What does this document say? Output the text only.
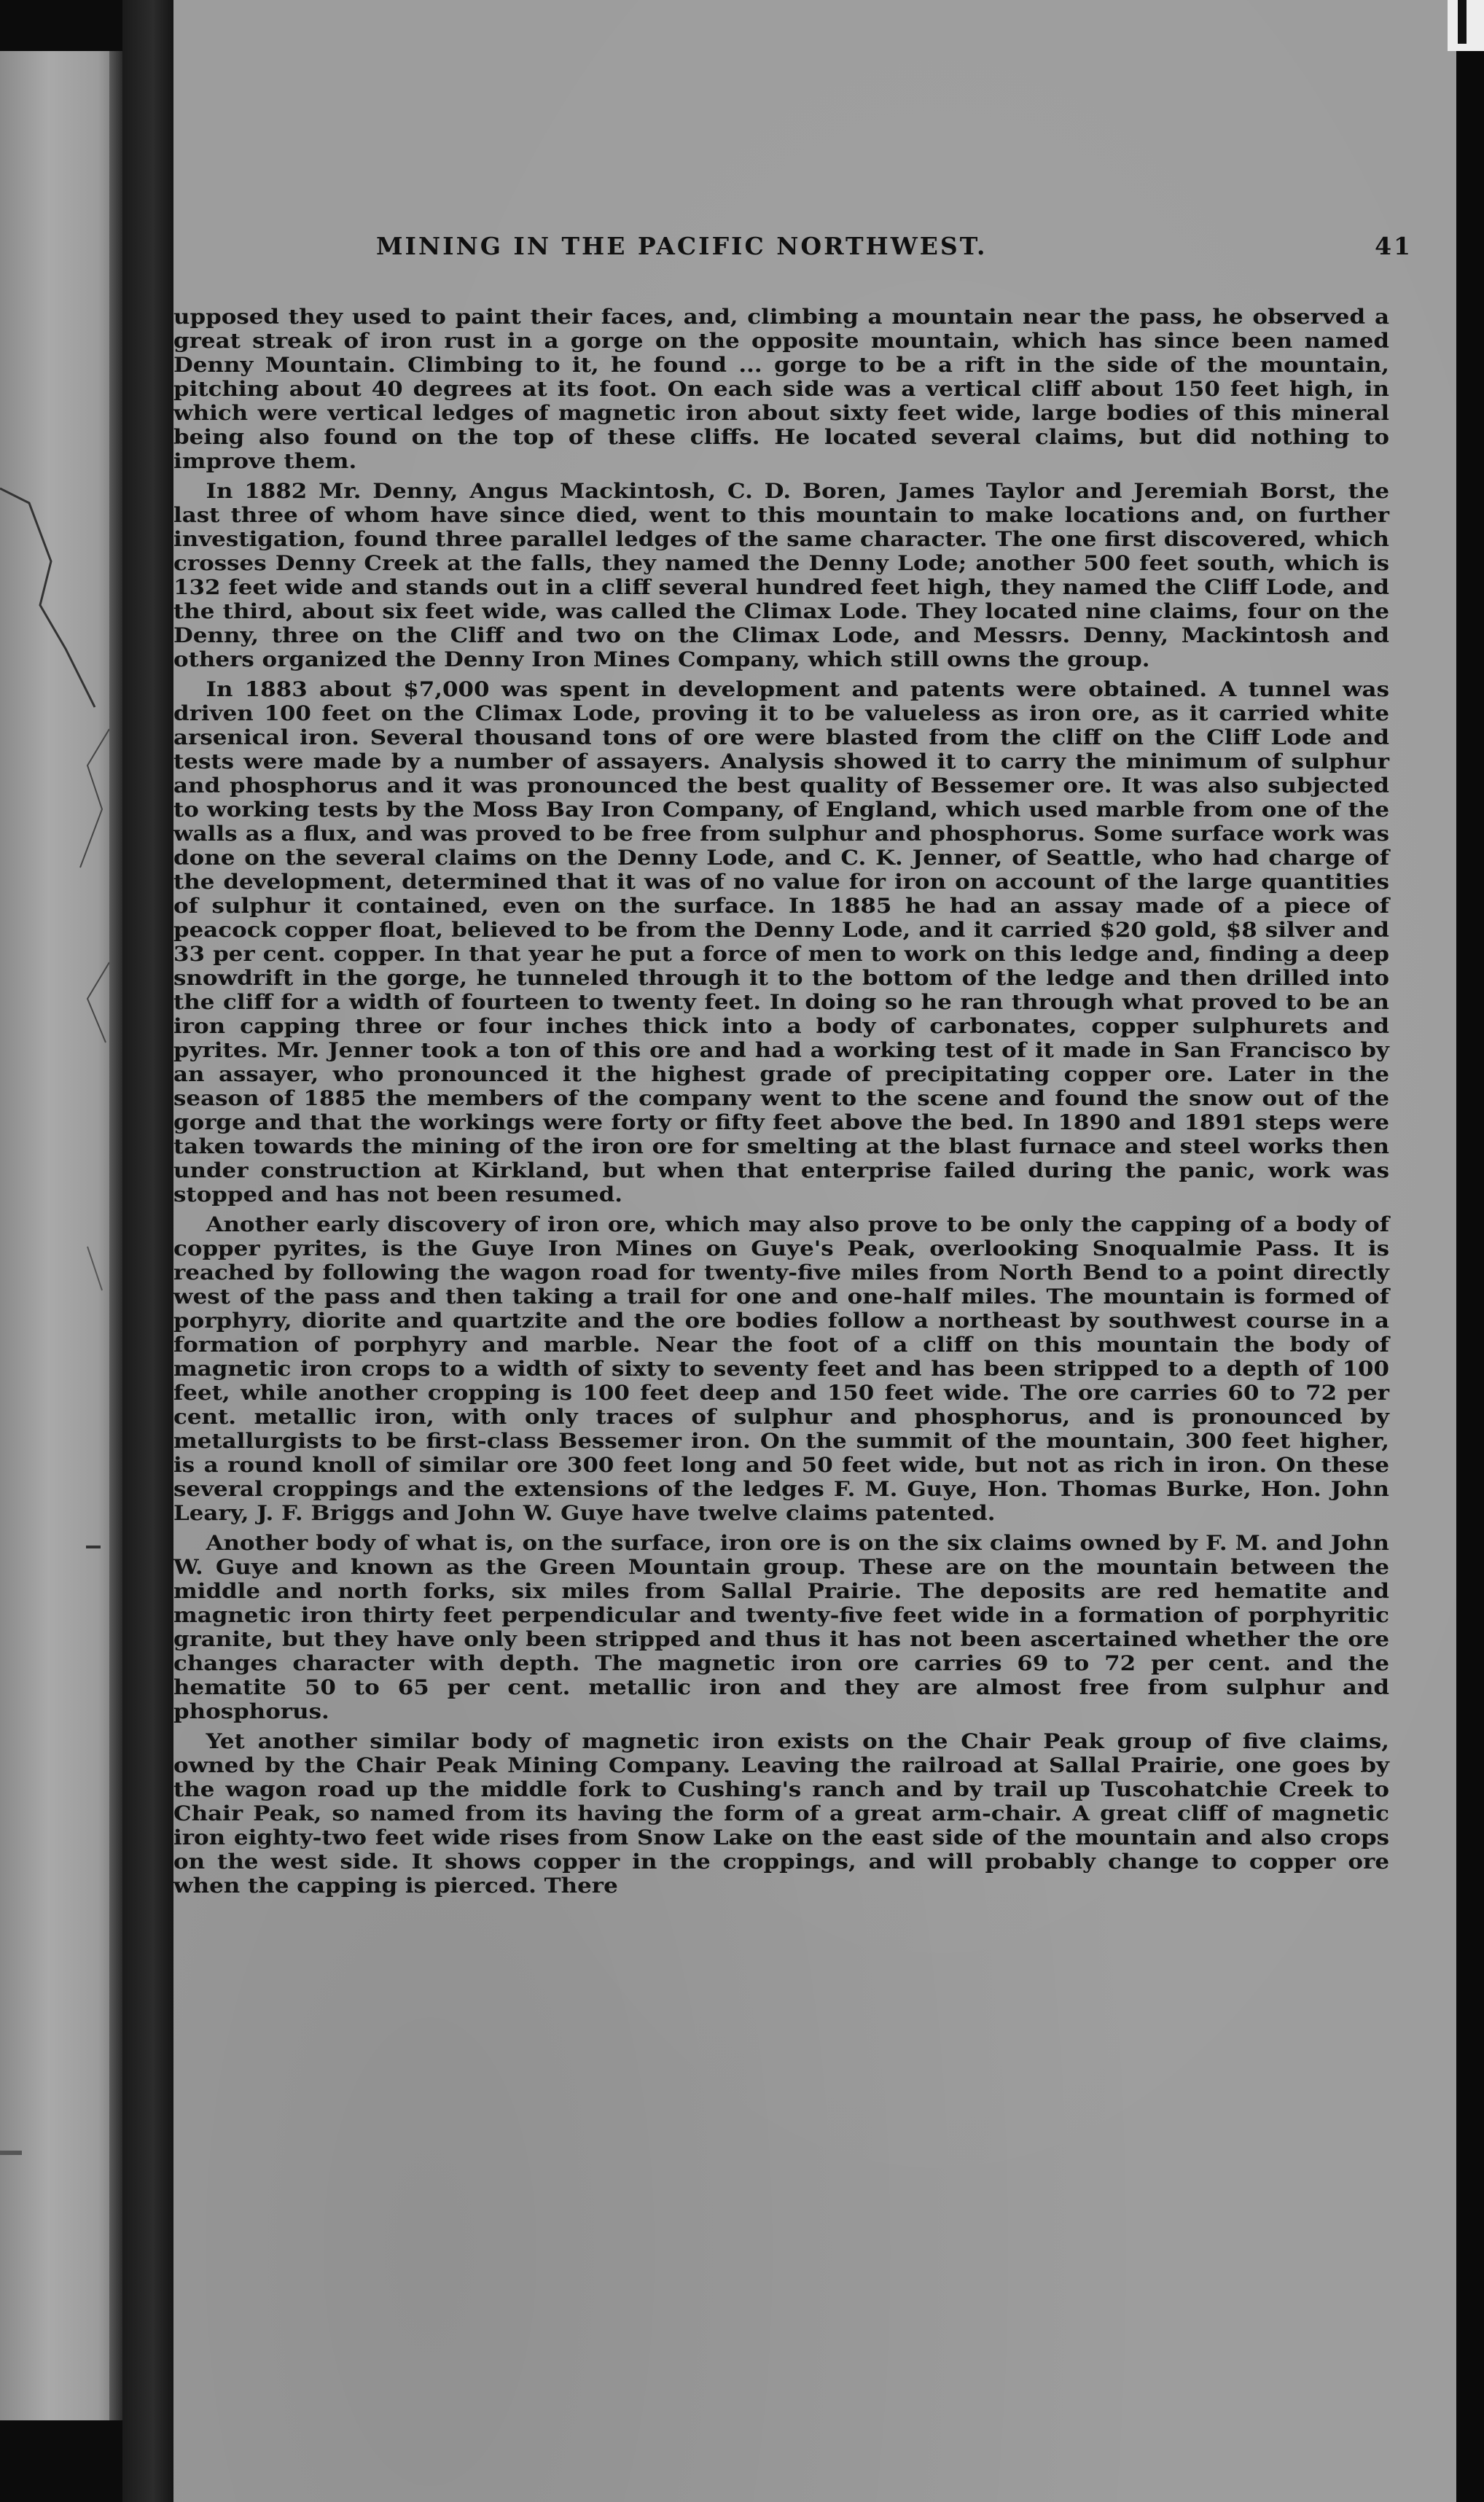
MINING IN THE PACIFIC NORTHWEST.	41

upposed they used to paint their faces, and, climbing a mountain near the pass, he observed a great streak of iron rust in a gorge on the opposite mountain, which has since been named Denny Mountain. Climbing to it, he found ... gorge to be a rift in the side of the mountain, pitching about 40 degrees at its foot. On each side was a vertical cliff about 150 feet high, in which were vertical ledges of magnetic iron about sixty feet wide, large bodies of this mineral being also found on the top of these cliffs. He located several claims, but did nothing to improve them.

In 1882 Mr. Denny, Angus Mackintosh, C. D. Boren, James Taylor and Jeremiah Borst, the last three of whom have since died, went to this mountain to make locations and, on further investigation, found three parallel ledges of the same character. The one first discovered, which crosses Denny Creek at the falls, they named the Denny Lode; another 500 feet south, which is 132 feet wide and stands out in a cliff several hundred feet high, they named the Cliff Lode, and the third, about six feet wide, was called the Climax Lode. They located nine claims, four on the Denny, three on the Cliff and two on the Climax Lode, and Messrs. Denny, Mackintosh and others organized the Denny Iron Mines Company, which still owns the group.

In 1883 about $7,000 was spent in development and patents were obtained. A tunnel was driven 100 feet on the Climax Lode, proving it to be valueless as iron ore, as it carried white arsenical iron. Several thousand tons of ore were blasted from the cliff on the Cliff Lode and tests were made by a number of assayers. Analysis showed it to carry the minimum of sulphur and phosphorus and it was pronounced the best quality of Bessemer ore. It was also subjected to working tests by the Moss Bay Iron Company, of England, which used marble from one of the walls as a flux, and was proved to be free from sulphur and phosphorus. Some surface work was done on the several claims on the Denny Lode, and C. K. Jenner, of Seattle, who had charge of the development, determined that it was of no value for iron on account of the large quantities of sulphur it contained, even on the surface. In 1885 he had an assay made of a piece of peacock copper float, believed to be from the Denny Lode, and it carried $20 gold, $8 silver and 33 per cent. copper. In that year he put a force of men to work on this ledge and, finding a deep snowdrift in the gorge, he tunneled through it to the bottom of the ledge and then drilled into the cliff for a width of fourteen to twenty feet. In doing so he ran through what proved to be an iron capping three or four inches thick into a body of carbonates, copper sulphurets and pyrites. Mr. Jenner took a ton of this ore and had a working test of it made in San Francisco by an assayer, who pronounced it the highest grade of precipitating copper ore. Later in the season of 1885 the members of the company went to the scene and found the snow out of the gorge and that the workings were forty or fifty feet above the bed. In 1890 and 1891 steps were taken towards the mining of the iron ore for smelting at the blast furnace and steel works then under construction at Kirkland, but when that enterprise failed during the panic, work was stopped and has not been resumed.

Another early discovery of iron ore, which may also prove to be only the capping of a body of copper pyrites, is the Guye Iron Mines on Guye's Peak, overlooking Snoqualmie Pass. It is reached by following the wagon road for twenty-five miles from North Bend to a point directly west of the pass and then taking a trail for one and one-half miles. The mountain is formed of porphyry, diorite and quartzite and the ore bodies follow a northeast by southwest course in a formation of porphyry and marble. Near the foot of a cliff on this mountain the body of magnetic iron crops to a width of sixty to seventy feet and has been stripped to a depth of 100 feet, while another cropping is 100 feet deep and 150 feet wide. The ore carries 60 to 72 per cent. metallic iron, with only traces of sulphur and phosphorus, and is pronounced by metallurgists to be first-class Bessemer iron. On the summit of the mountain, 300 feet higher, is a round knoll of similar ore 300 feet long and 50 feet wide, but not as rich in iron. On these several croppings and the extensions of the ledges F. M. Guye, Hon. Thomas Burke, Hon. John Leary, J. F. Briggs and John W. Guye have twelve claims patented.

Another body of what is, on the surface, iron ore is on the six claims owned by F. M. and John W. Guye and known as the Green Mountain group. These are on the mountain between the middle and north forks, six miles from Sallal Prairie. The deposits are red hematite and magnetic iron thirty feet perpendicular and twenty-five feet wide in a formation of porphyritic granite, but they have only been stripped and thus it has not been ascertained whether the ore changes character with depth. The magnetic iron ore carries 69 to 72 per cent. and the hematite 50 to 65 per cent. metallic iron and they are almost free from sulphur and phosphorus.

Yet another similar body of magnetic iron exists on the Chair Peak group of five claims, owned by the Chair Peak Mining Company. Leaving the railroad at Sallal Prairie, one goes by the wagon road up the middle fork to Cushing's ranch and by trail up Tuscohatchie Creek to Chair Peak, so named from its having the form of a great arm-chair. A great cliff of magnetic iron eighty-two feet wide rises from Snow Lake on the east side of the mountain and also crops on the west side. It shows copper in the croppings, and will probably change to copper ore when the capping is pierced. There
